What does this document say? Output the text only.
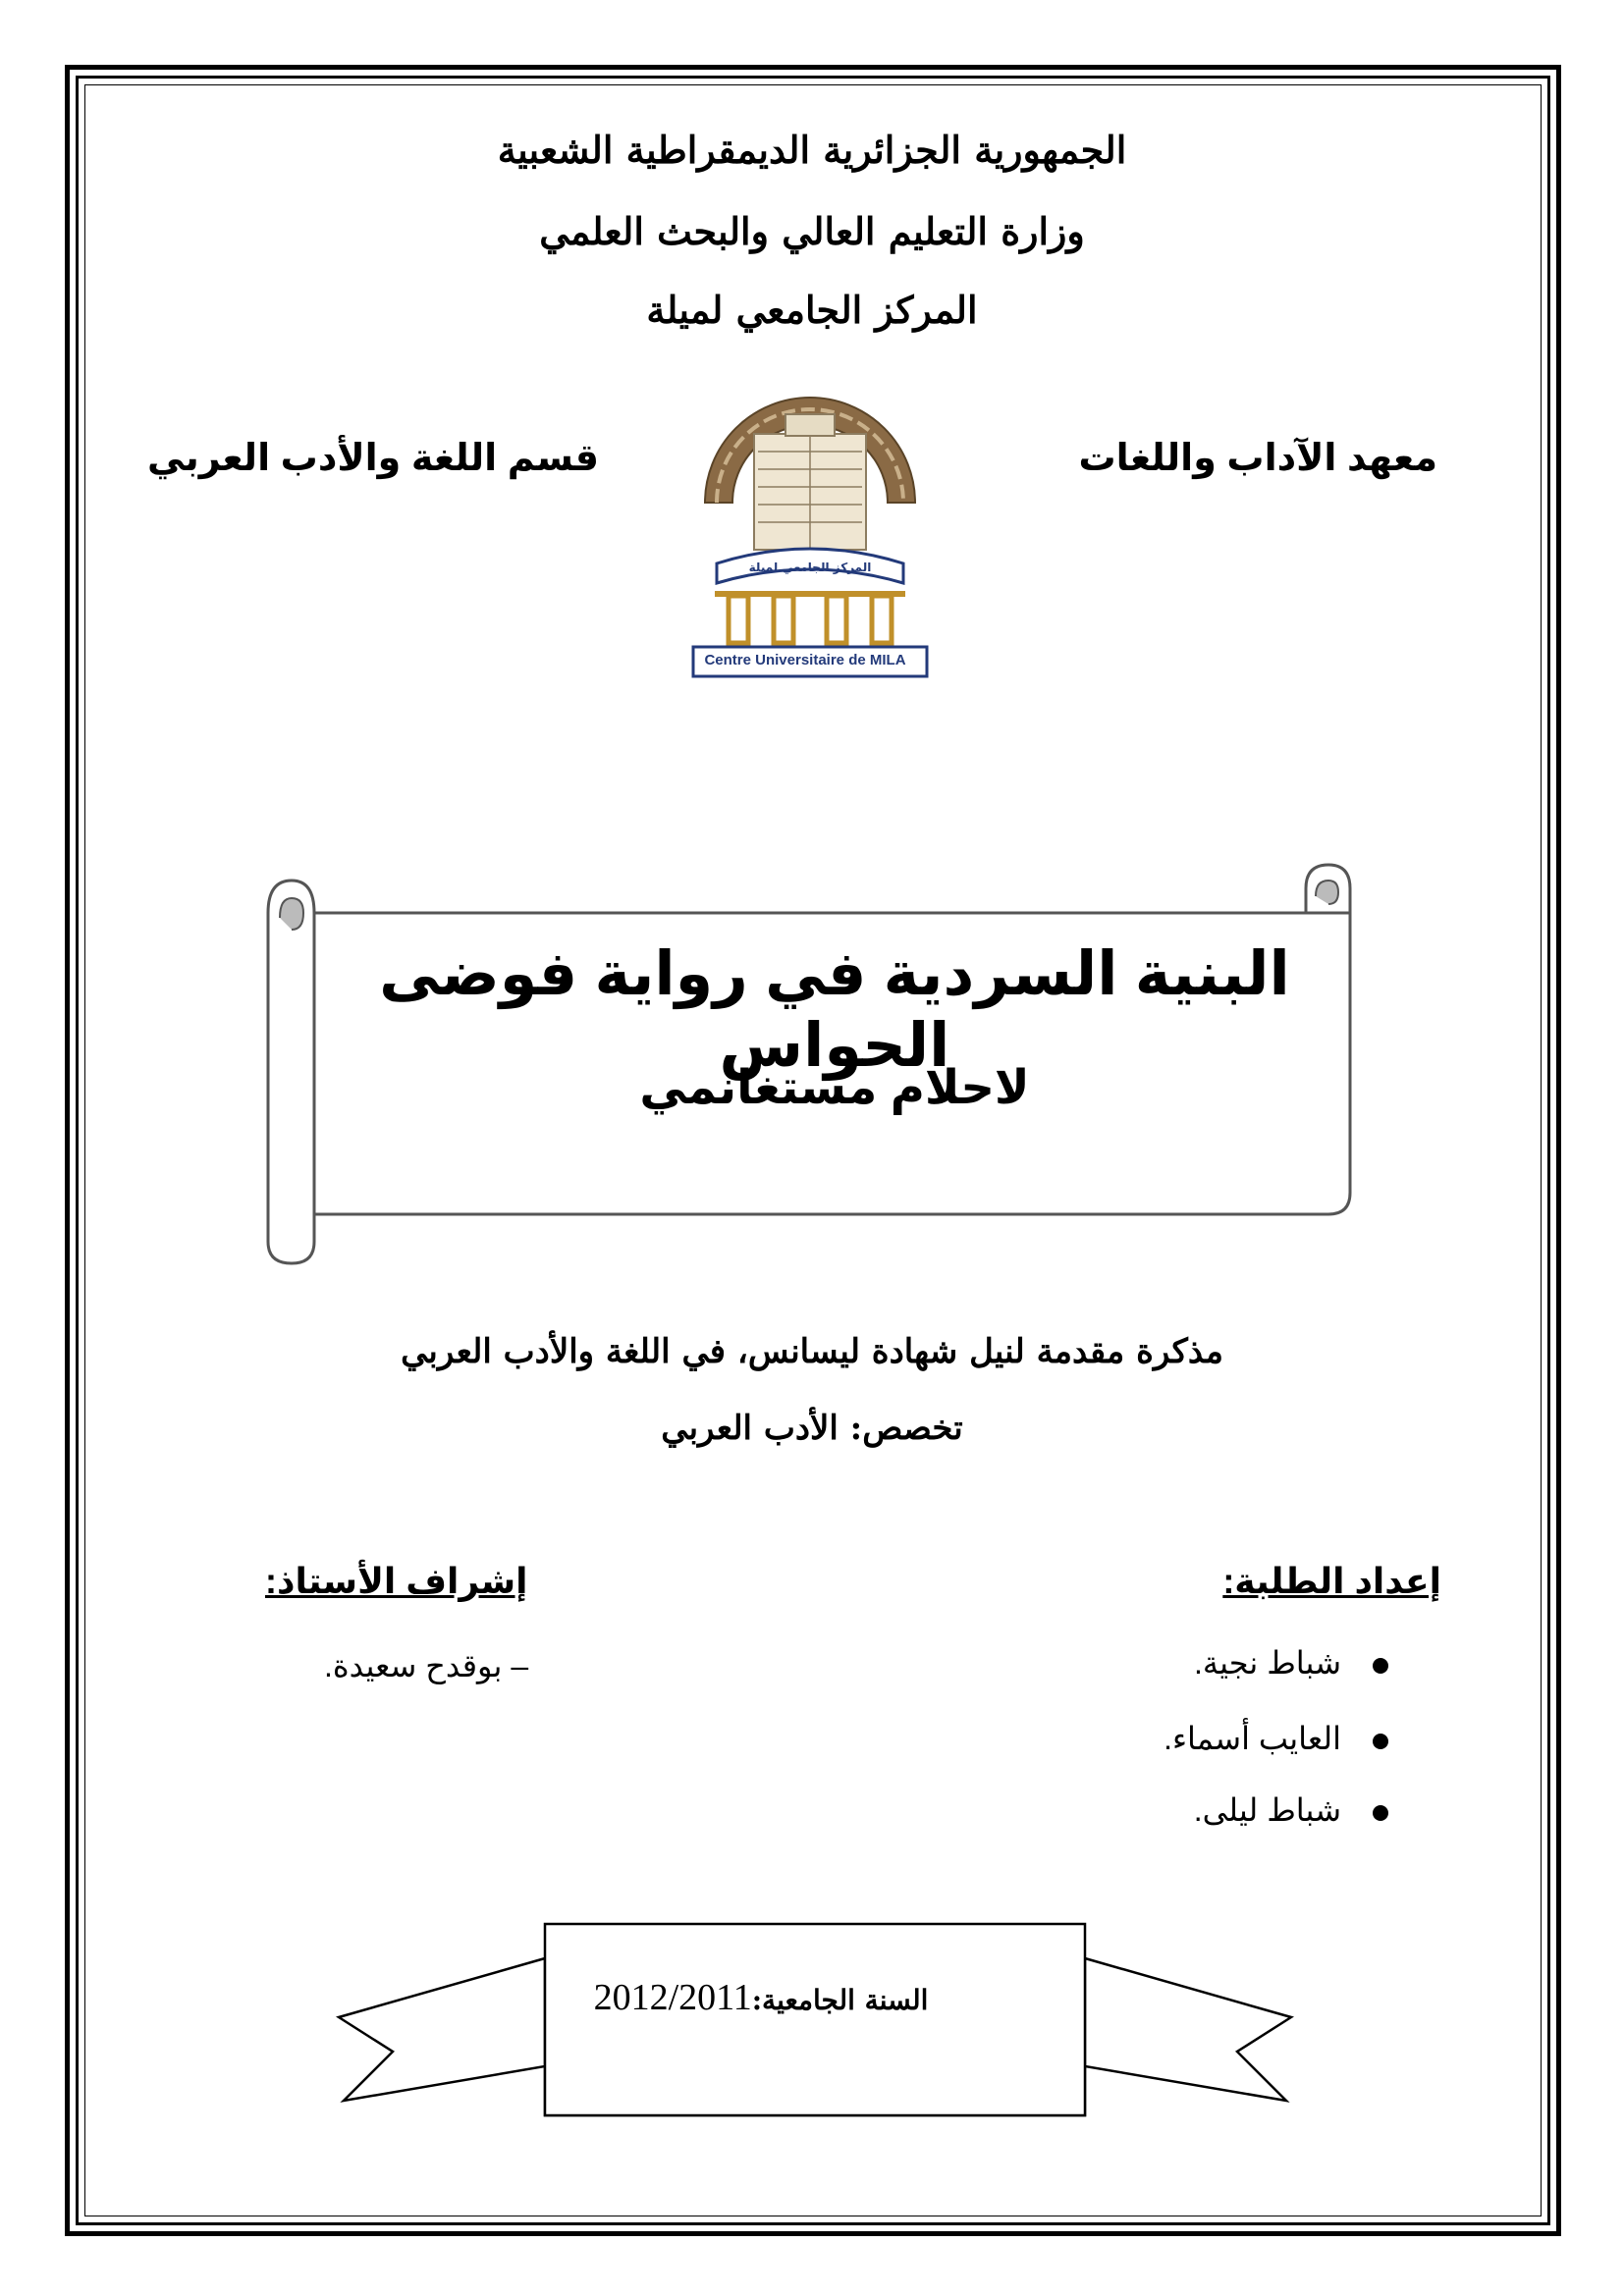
الجمهورية الجزائرية الديمقراطية الشعبية
وزارة التعليم العالي والبحث العلمي
المركز الجامعي لميلة
معهد الآداب واللغات
قسم اللغة والأدب العربي
المركز الجامعي لميلة
Centre Universitaire de MILA
البنية السردية في رواية فوضى الحواس
لاحلام مستغانمي
مذكرة مقدمة لنيل شهادة ليسانس، في اللغة والأدب العربي
تخصص: الأدب العربي
إعداد الطلبة:
شباط نجية.
العايب أسماء.
شباط ليلى.
إشراف الأستاذ:
– بوقدح سعيدة.
السنة الجامعية:2012/2011
